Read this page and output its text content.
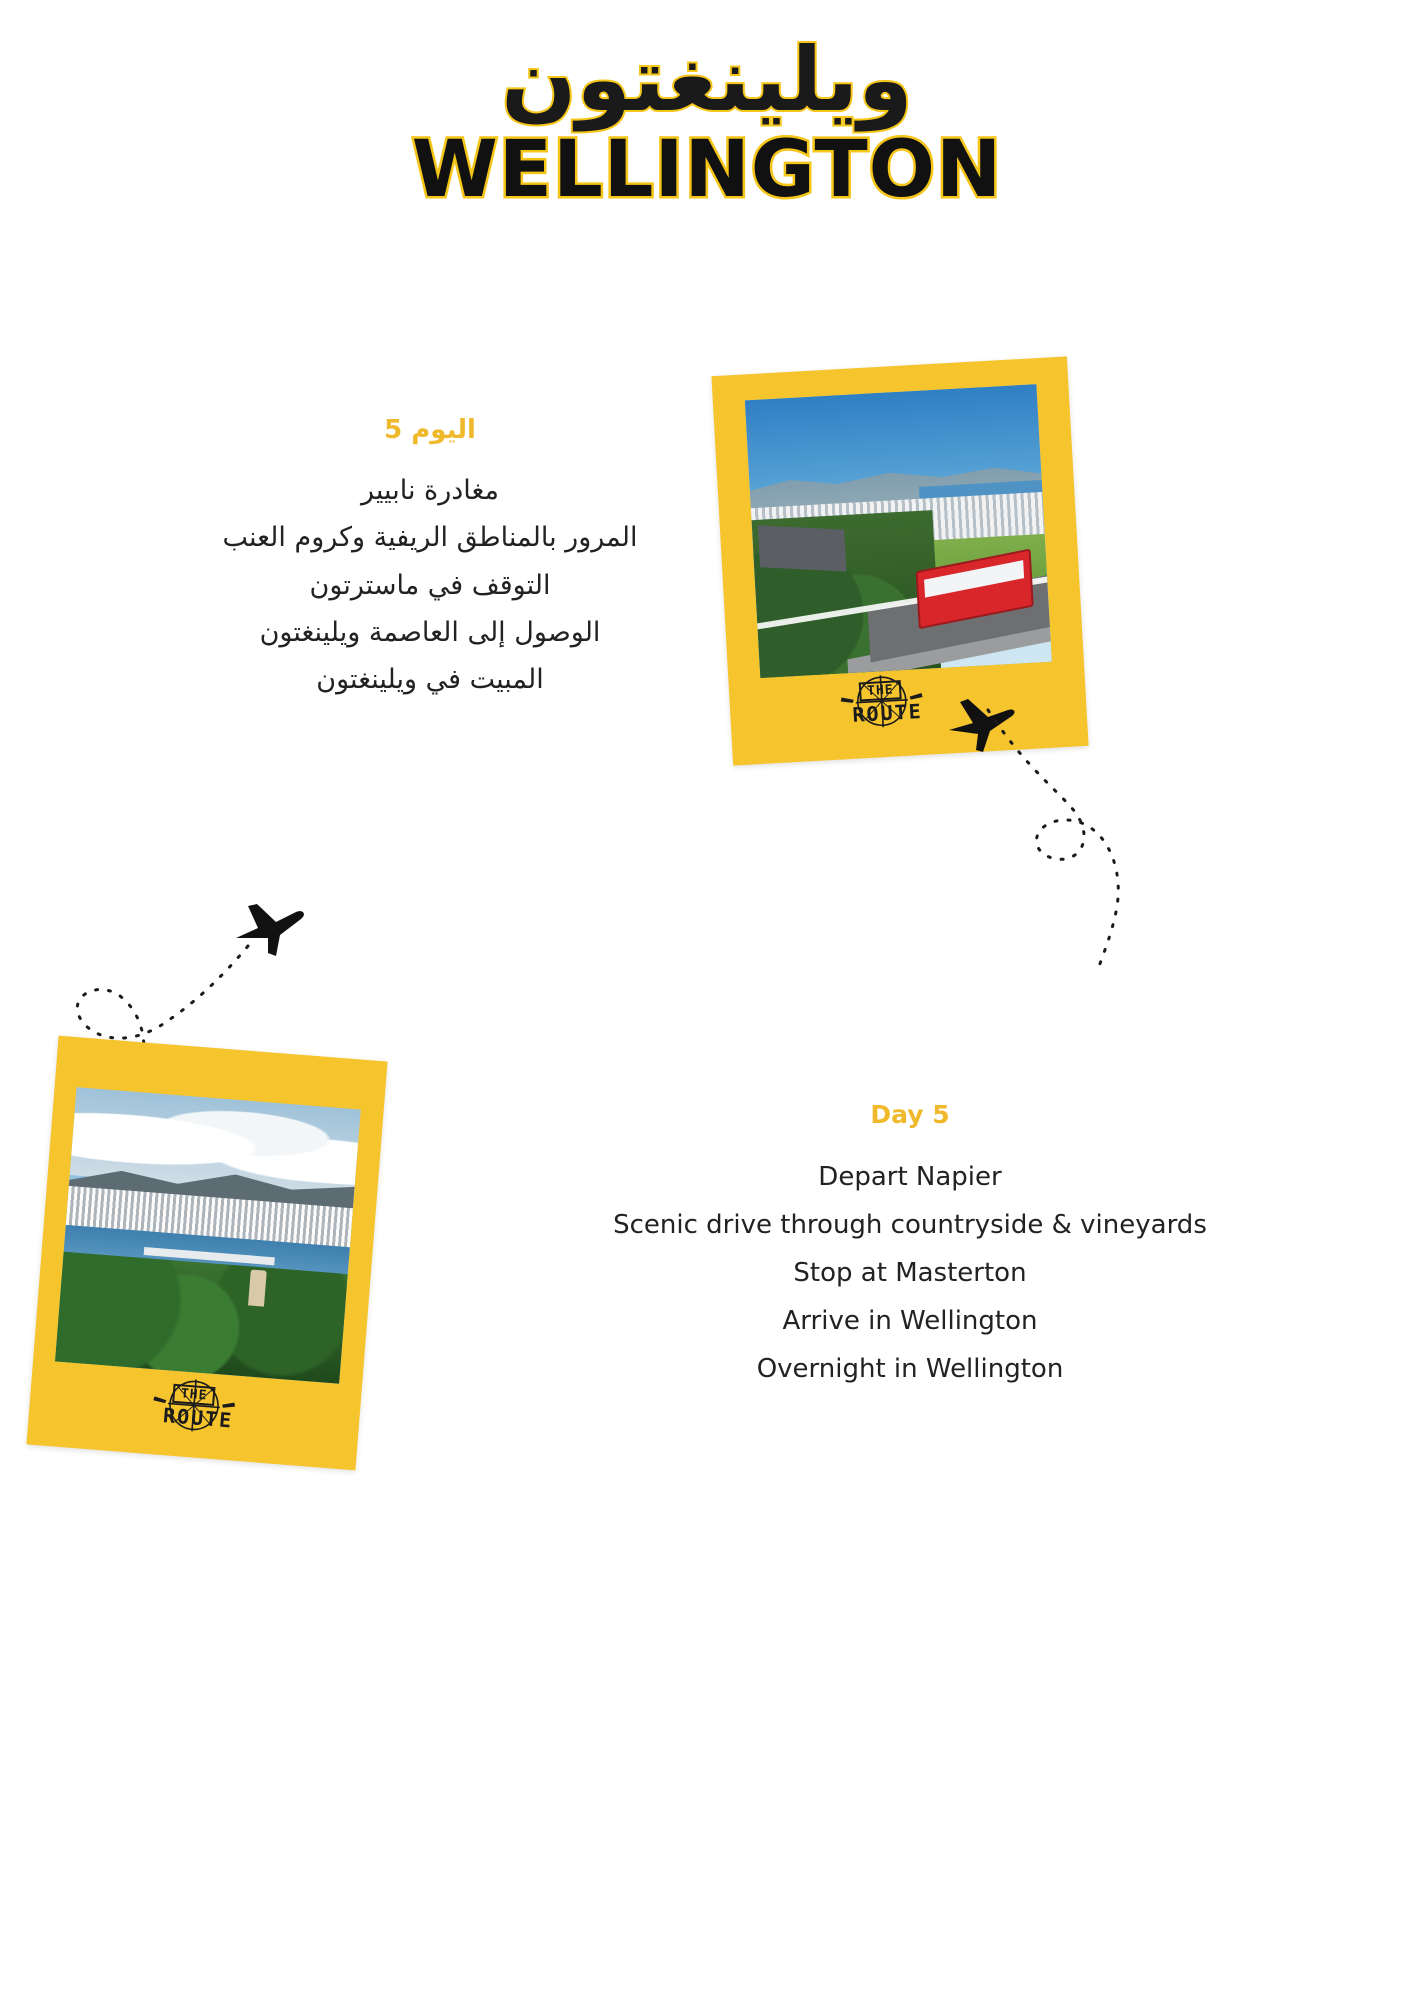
ويلينغتون
WELLINGTON
اليوم 5
مغادرة نابيير
المرور بالمناطق الريفية وكروم العنب
التوقف في ماسترتون
الوصول إلى العاصمة ويلينغتون
المبيت في ويلينغتون	THE
ROUTE
THE
ROUTE
Day 5
Depart Napier
Scenic drive through countryside & vineyards
Stop at Masterton
Arrive in Wellington
Overnight in Wellington
